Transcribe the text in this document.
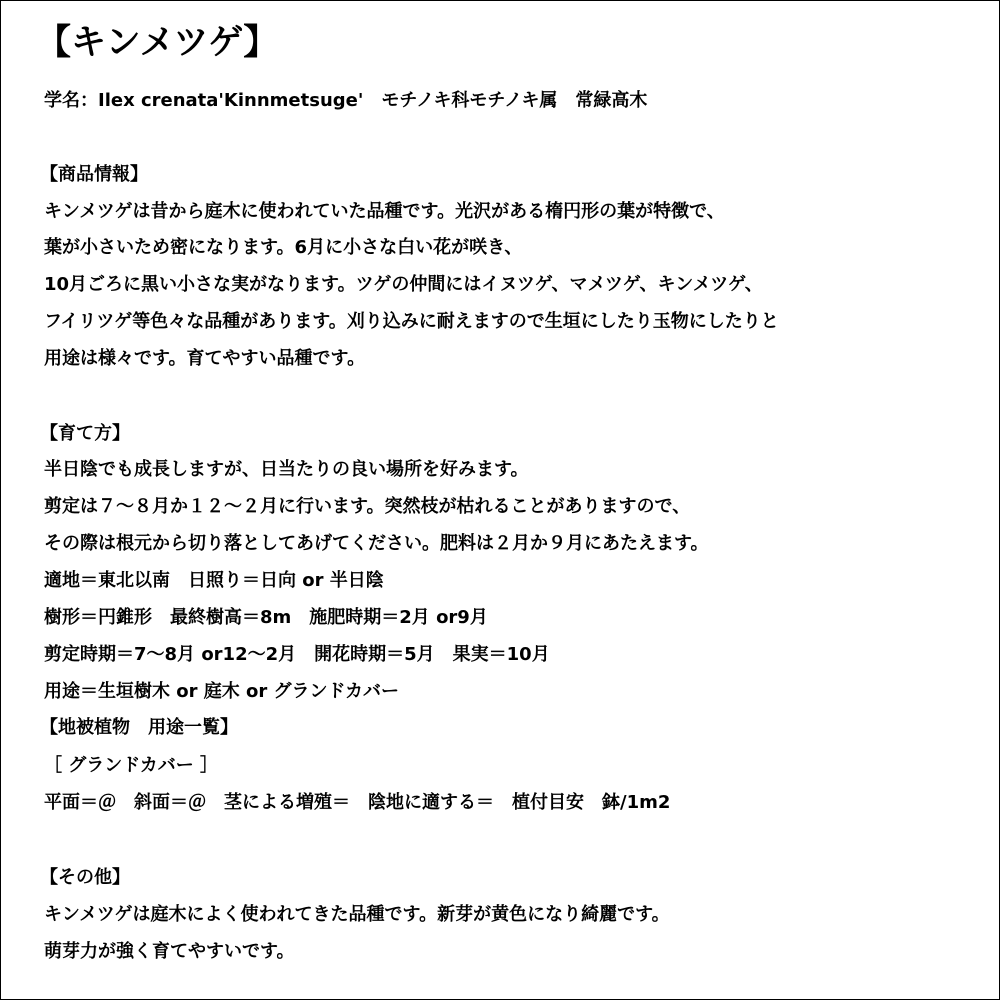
【キンメツゲ】
学名：Ilex crenata'Kinnmetsuge'　モチノキ科モチノキ属　常緑高木
【商品情報】
キンメツゲは昔から庭木に使われていた品種です。光沢がある楕円形の葉が特徴で、
葉が小さいため密になります。6月に小さな白い花が咲き、
10月ごろに黒い小さな実がなります。ツゲの仲間にはイヌツゲ、マメツゲ、キンメツゲ、
フイリツゲ等色々な品種があります。刈り込みに耐えますので生垣にしたり玉物にしたりと
用途は様々です。育てやすい品種です。
【育て方】
半日陰でも成長しますが、日当たりの良い場所を好みます。
剪定は７～８月か１２～２月に行います。突然枝が枯れることがありますので、
その際は根元から切り落としてあげてください。肥料は２月か９月にあたえます。
適地＝東北以南　日照り＝日向 or 半日陰
樹形＝円錐形　最終樹高＝8m　施肥時期＝2月 or9月
剪定時期＝7～8月 or12～2月　開花時期＝5月　果実＝10月
用途＝生垣樹木 or 庭木 or グランドカバー
【地被植物　用途一覧】
［ グランドカバー ］
平面＝＠　斜面＝＠　茎による増殖＝　陰地に適する＝　植付目安　鉢/1m2
【その他】
キンメツゲは庭木によく使われてきた品種です。新芽が黄色になり綺麗です。
萌芽力が強く育てやすいです。
